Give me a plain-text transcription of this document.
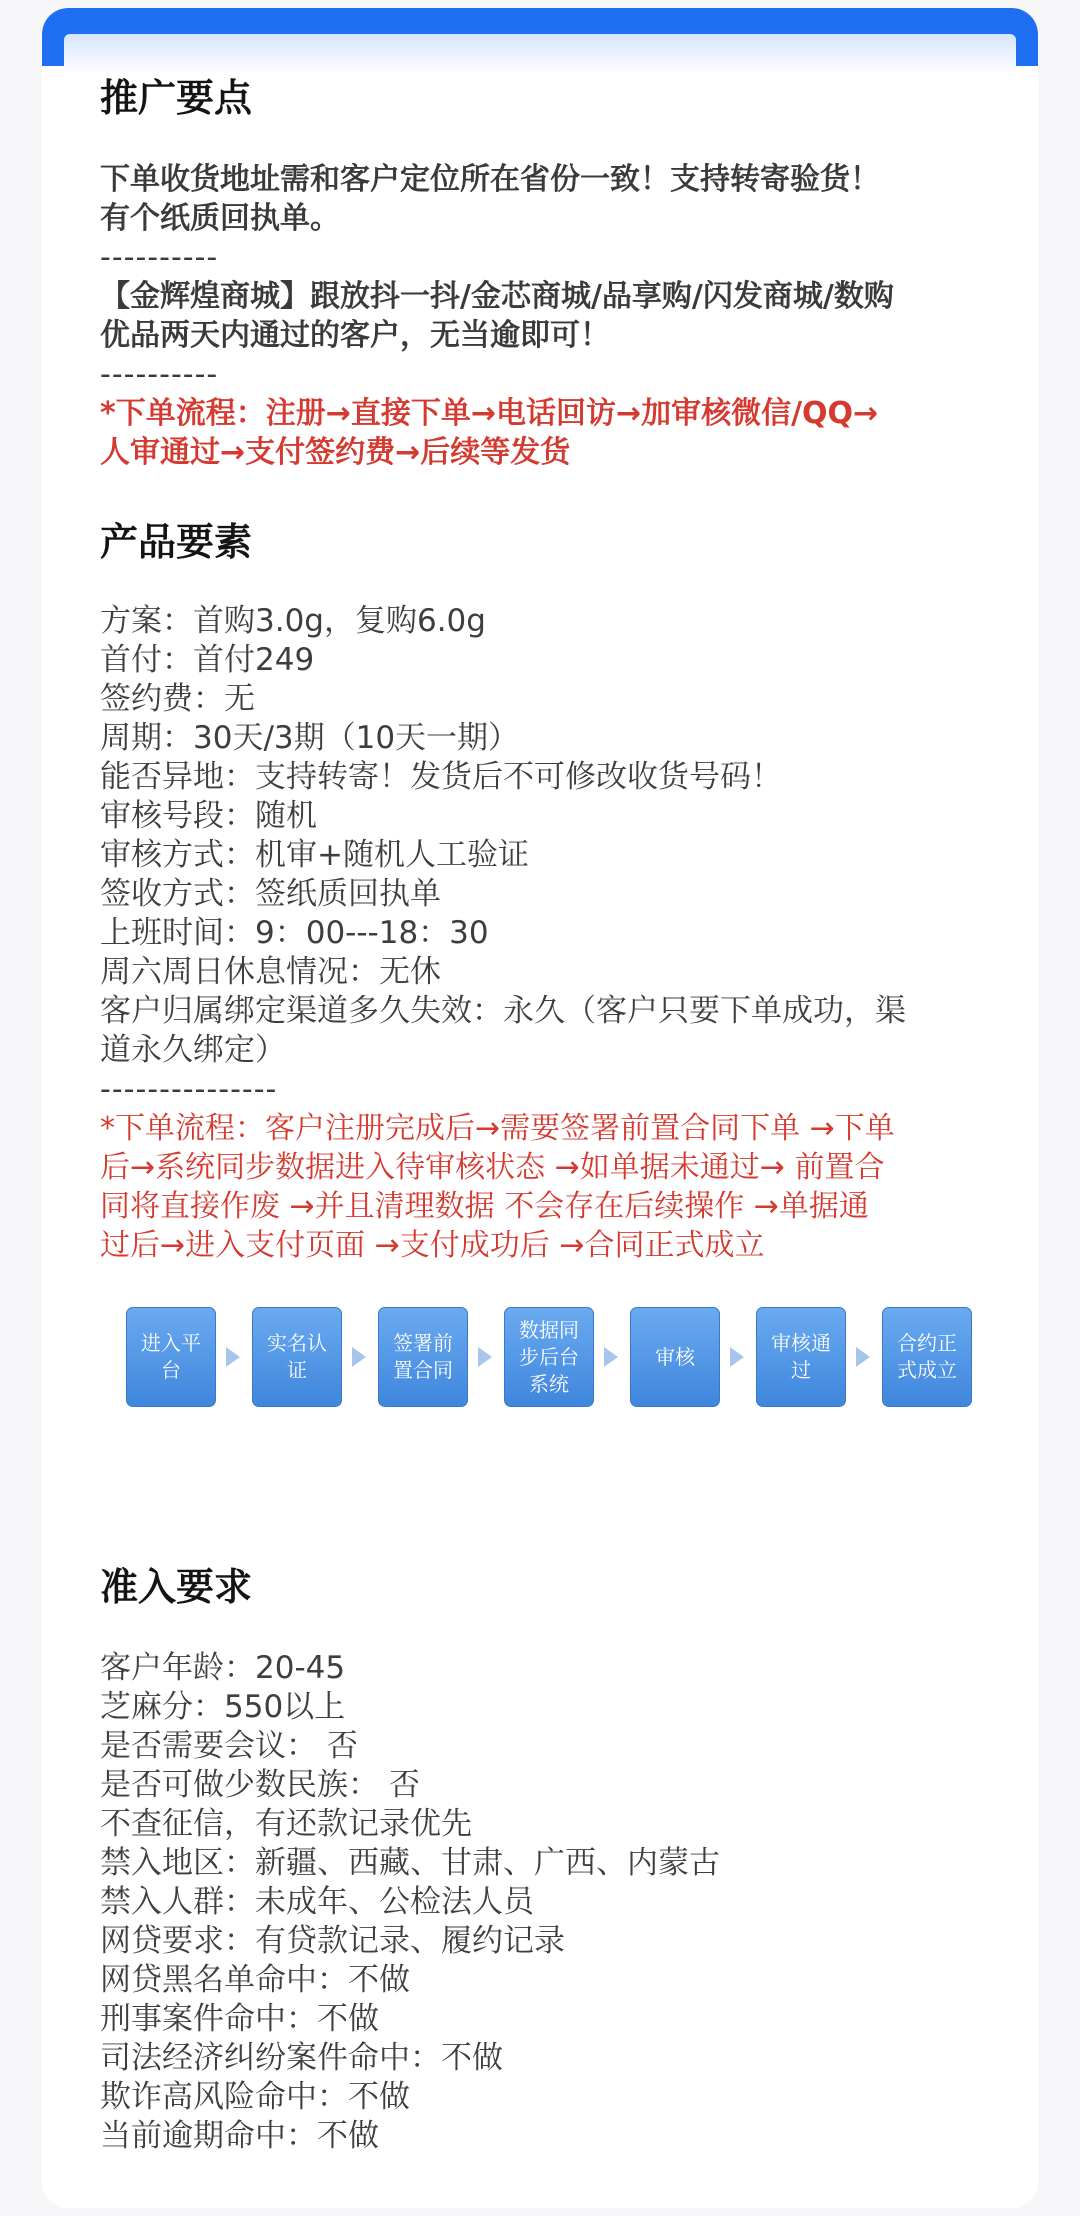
推广要点
下单收货地址需和客户定位所在省份一致！支持转寄验货！
有个纸质回执单。
----------
【金辉煌商城】跟放抖一抖/金芯商城/品享购/闪发商城/数购
优品两天内通过的客户，无当逾即可！
----------
*下单流程：注册→直接下单→电话回访→加审核微信/QQ→
人审通过→支付签约费→后续等发货
产品要素
方案：首购3.0g，复购6.0g
首付：首付249
签约费：无
周期：30天/3期（10天一期）
能否异地：支持转寄！发货后不可修改收货号码！
审核号段：随机
审核方式：机审+随机人工验证
签收方式：签纸质回执单
上班时间：9：00---18：30
周六周日休息情况：无休
客户归属绑定渠道多久失效：永久（客户只要下单成功，渠
道永久绑定）
---------------
*下单流程：客户注册完成后→需要签署前置合同下单 →下单
后→系统同步数据进入待审核状态 →如单据未通过→ 前置合
同将直接作废 →并且清理数据 不会存在后续操作 →单据通
过后→进入支付页面 →支付成功后 →合同正式成立
进入平台
实名认证
签署前置合同
数据同步后台系统
审核
审核通过
合约正式成立
准入要求
客户年龄：20-45
芝麻分：550以上
是否需要会议： 否
是否可做少数民族： 否
不查征信，有还款记录优先
禁入地区：新疆、西藏、甘肃、广西、内蒙古
禁入人群：未成年、公检法人员
网贷要求：有贷款记录、履约记录
网贷黑名单命中：不做
刑事案件命中：不做
司法经济纠纷案件命中：不做
欺诈高风险命中：不做
当前逾期命中：不做
